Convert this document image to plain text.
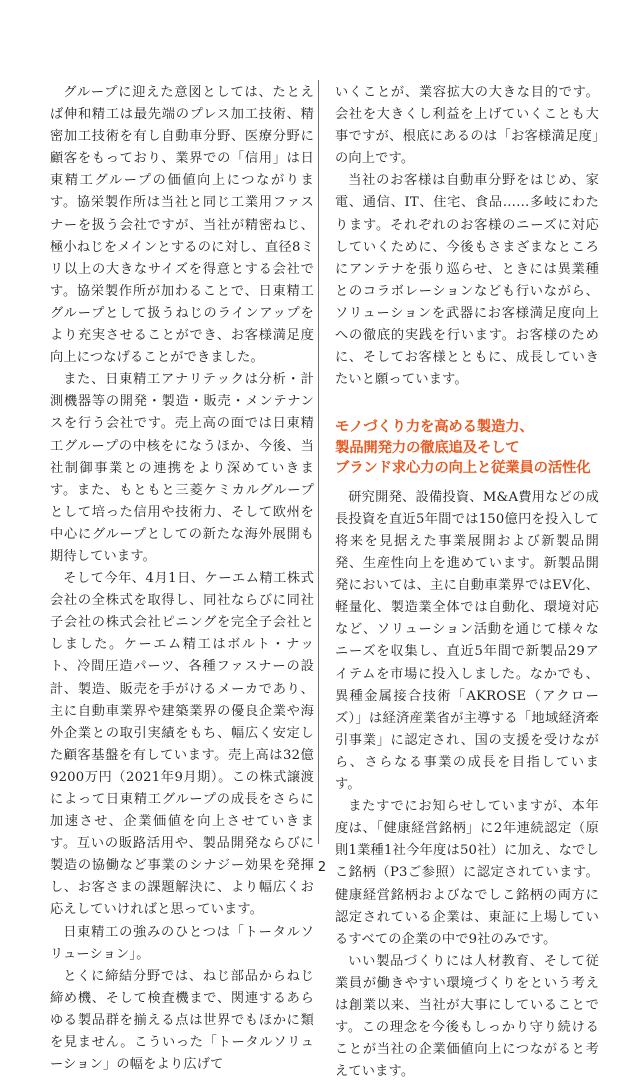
グループに迎えた意図としては、たとえば伸和精工は最先端のプレス加工技術、精密加工技術を有し自動車分野、医療分野に顧客をもっており、業界での「信用」は日東精工グループの価値向上につながります。協栄製作所は当社と同じ工業用ファスナーを扱う会社ですが、当社が精密ねじ、極小ねじをメインとするのに対し、直径8ミリ以上の大きなサイズを得意とする会社です。協栄製作所が加わることで、日東精工グループとして扱うねじのラインアップをより充実させることができ、お客様満足度向上につなげることができました。

また、日東精工アナリテックは分析・計測機器等の開発・製造・販売・メンテナンスを行う会社です。売上高の面では日東精工グループの中核をになうほか、今後、当社制御事業との連携をより深めていきます。また、もともと三菱ケミカルグループとして培った信用や技術力、そして欧州を中心にグループとしての新たな海外展開も期待しています。

そして今年、4月1日、ケーエム精工株式会社の全株式を取得し、同社ならびに同社子会社の株式会社ピニングを完全子会社としました。ケーエム精工はボルト・ナット、冷間圧造パーツ、各種ファスナーの設計、製造、販売を手がけるメーカであり、主に自動車業界や建築業界の優良企業や海外企業との取引実績をもち、幅広く安定した顧客基盤を有しています。売上高は32億9200万円（2021年9月期）。この株式譲渡によって日東精工グループの成長をさらに加速させ、企業価値を向上させていきます。互いの販路活用や、製品開発ならびに製造の協働など事業のシナジー効果を発揮し、お客さまの課題解決に、より幅広くお応えしていければと思っています。

日東精工の強みのひとつは「トータルソリューション」。

とくに締結分野では、ねじ部品からねじ締め機、そして検査機まで、関連するあらゆる製品群を揃える点は世界でもほかに類を見ません。こういった「トータルソリューション」の幅をより広げて

いくことが、業容拡大の大きな目的です。会社を大きくし利益を上げていくことも大事ですが、根底にあるのは「お客様満足度」の向上です。

当社のお客様は自動車分野をはじめ、家電、通信、IT、住宅、食品……多岐にわたります。それぞれのお客様のニーズに対応していくために、今後もさまざまなところにアンテナを張り巡らせ、ときには異業種とのコラボレーションなども行いながら、ソリューションを武器にお客様満足度向上への徹底的実践を行います。お客様のために、そしてお客様とともに、成長していきたいと願っています。

モノづくり力を高める製造力、
製品開発力の徹底追及そして
ブランド求心力の向上と従業員の活性化

研究開発、設備投資、M&A費用などの成長投資を直近5年間では150億円を投入して将来を見据えた事業展開および新製品開発、生産性向上を進めています。新製品開発においては、主に自動車業界ではEV化、軽量化、製造業全体では自動化、環境対応など、ソリューション活動を通じて様々なニーズを収集し、直近5年間で新製品29アイテムを市場に投入しました。なかでも、異種金属接合技術「AKROSE（アクローズ）」は経済産業省が主導する「地域経済牽引事業」に認定され、国の支援を受けながら、さらなる事業の成長を目指しています。

またすでにお知らせしていますが、本年度は、「健康経営銘柄」に2年連続認定（原則1業種1社今年度は50社）に加え、なでしこ銘柄（P3ご参照）に認定されています。健康経営銘柄およびなでしこ銘柄の両方に認定されている企業は、東証に上場しているすべての企業の中で9社のみです。

いい製品づくりには人材教育、そして従業員が働きやすい環境づくりをという考えは創業以来、当社が大事にしていることです。この理念を今後もしっかり守り続けることが当社の企業価値向上につながると考えています。

2
